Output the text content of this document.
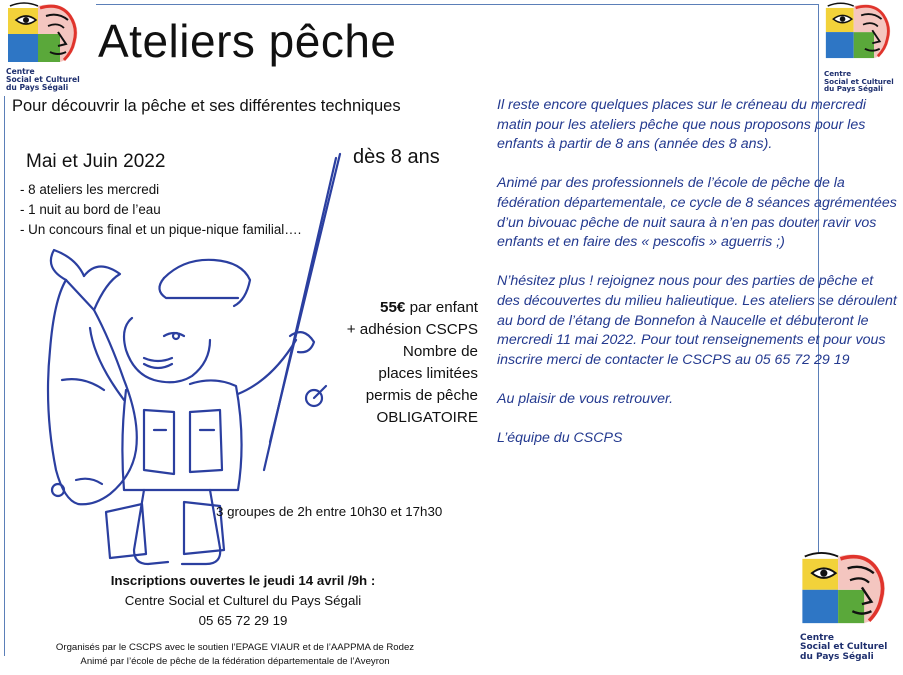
Centre
Social et Culturel
du Pays Ségali
Centre
Social et Culturel
du Pays Ségali
Centre
Social et Culturel
du Pays Ségali
Ateliers pêche
Pour découvrir la pêche et ses différentes techniques
Mai et Juin 2022	dès 8 ans
- 8 ateliers les mercredi
- 1 nuit au bord de l’eau
- Un concours final et un pique-nique familial….
55€ par enfant
+ adhésion CSCPS
Nombre de
places limitées
permis de pêche
OBLIGATOIRE
3 groupes de 2h entre 10h30 et 17h30
Inscriptions ouvertes le jeudi 14 avril /9h :
Centre Social et Culturel du Pays Ségali
05 65 72 29 19
Organisés par le CSCPS avec le soutien l’EPAGE VIAUR et de l’AAPPMA de Rodez
Animé par l’école de pêche de la fédération départementale de l’Aveyron

Il reste encore quelques places sur le créneau du mercredi matin pour les ateliers pêche que nous proposons pour les enfants à partir de 8 ans (année des 8 ans).

Animé par des professionnels de l’école de pêche de la fédération départementale, ce cycle de 8 séances agrémentées d’un bivouac pêche de nuit saura à n’en pas douter ravir vos enfants et en faire des « pescofis » aguerris ;)

N’hésitez plus ! rejoignez nous pour des parties de pêche et des découvertes du milieu halieutique. Les ateliers se déroulent au bord de l’étang de Bonnefon à Naucelle et débuteront le mercredi 11 mai 2022. Pour tout renseignements et pour vous inscrire merci de contacter le CSCPS au 05 65 72 29 19

Au plaisir de vous retrouver.

L’équipe du CSCPS
